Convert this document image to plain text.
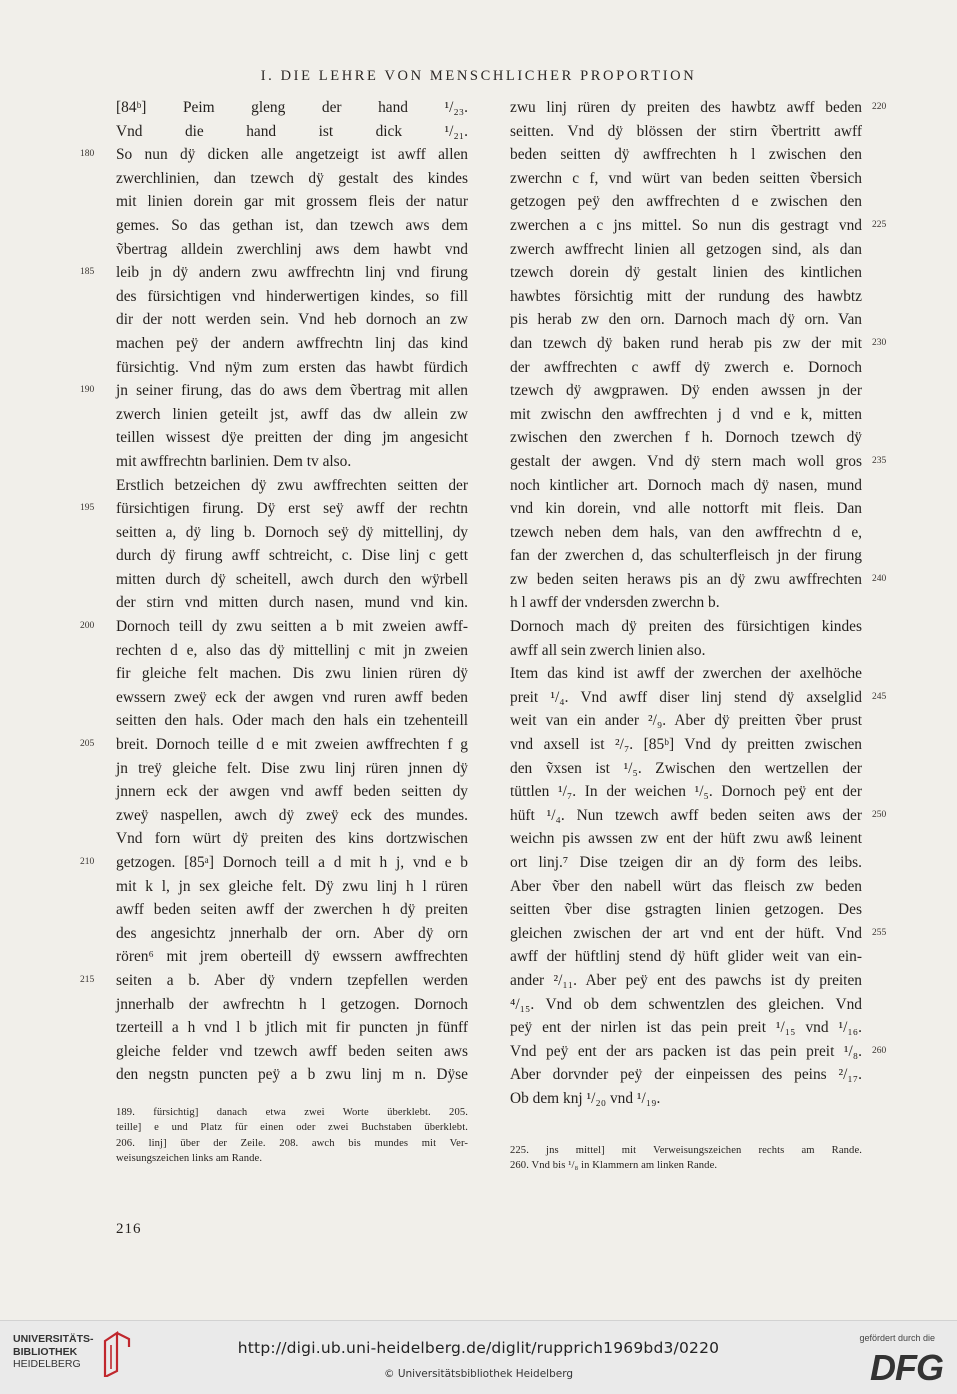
I. DIE LEHRE VON MENSCHLICHER PROPORTION
[84ᵇ] Peim gleng der hand ¹/₂₃.
Vnd die hand ist dick ¹/₂₁.
So nun dÿ dicken alle angetzeigt ist awff allen
180
zwerchlinien, dan tzewch dÿ gestalt des kindes
mit linien dorein gar mit grossem fleis der natur
gemes. So das gethan ist, dan tzewch aws dem
ṽbertrag alldein zwerchlinj aws dem hawbt vnd
leib jn dÿ andern zwu awffrechtn linj vnd firung
185
des fürsichtigen vnd hinderwertigen kindes, so fill
dir der nott werden sein. Vnd heb dornoch an zw
machen peÿ der andern awffrechtn linj das kind
fürsichtig. Vnd nÿm zum ersten das hawbt fürdich
jn seiner firung, das do aws dem ṽbertrag mit allen
190
zwerch linien geteilt jst, awff das dw allein zw
teillen wissest dÿe preitten der ding jm angesicht
mit awffrechtn barlinien. Dem tv also.
Erstlich betzeichen dÿ zwu awffrechten seitten der
fürsichtigen firung. Dÿ erst seÿ awff der rechtn
195
seitten a, dÿ ling b. Dornoch seÿ dÿ mittellinj, dy
durch dÿ firung awff schtreicht, c. Dise linj c gett
mitten durch dÿ scheitell, awch durch den wÿrbell
der stirn vnd mitten durch nasen, mund vnd kin.
Dornoch teill dy zwu seitten a b mit zweien awff-
200
rechten d e, also das dÿ mittellinj c mit jn zweien
fir gleiche felt machen. Dis zwu linien rüren dÿ
ewssern zweÿ eck der awgen vnd ruren awff beden
seitten den hals. Oder mach den hals ein tzehenteill
breit. Dornoch teille d e mit zweien awffrechten f g
205
jn treÿ gleiche felt. Dise zwu linj rüren jnnen dÿ
jnnern eck der awgen vnd awff beden seitten dy
zweÿ naspellen, awch dÿ zweÿ eck des mundes.
Vnd forn würt dÿ preiten des kins dortzwischen
getzogen. [85ᵃ] Dornoch teill a d mit h j, vnd e b
210
mit k l, jn sex gleiche felt. Dÿ zwu linj h l rüren
awff beden seiten awff der zwerchen h dÿ preiten
des angesichtz jnnerhalb der orn. Aber dÿ orn
rören⁶ mit jrem oberteill dÿ ewssern awffrechten
seiten a b. Aber dÿ vndern tzepfellen werden
215
jnnerhalb der awfrechtn h l getzogen. Dornoch
tzerteill a h vnd l b jtlich mit fir puncten jn fünff
gleiche felder vnd tzewch awff beden seiten aws
den negstn puncten peÿ a b zwu linj m n. Dÿse
zwu linj rüren dy preiten des hawbtz awff beden 220
seitten. Vnd dÿ blössen der stirn ṽbertritt awff
beden seitten dÿ awffrechten h l zwischen den
zwerchn c f, vnd würt van beden seitten ṽbersich
getzogen peÿ den awffrechten d e zwischen den
zwerchen a c jns mittel. So nun dis gestragt vnd 225
zwerch awffrecht linien all getzogen sind, als dan
tzewch dorein dÿ gestalt linien des kintlichen
hawbtes försichtig mitt der rundung des hawbtz
pis herab zw den orn. Darnoch mach dÿ orn. Van
dan tzewch dÿ baken rund herab pis zw der mit 230
der awffrechten c awff dÿ zwerch e. Dornoch
tzewch dÿ awgprawen. Dÿ enden awssen jn der
mit zwischn den awffrechten j d vnd e k, mitten
zwischen den zwerchen f h. Dornoch tzewch dÿ
gestalt der awgen. Vnd dÿ stern mach woll gros 235
noch kintlicher art. Dornoch mach dÿ nasen, mund
vnd kin dorein, vnd alle nottorft mit fleis. Dan
tzewch neben dem hals, van den awffrechtn d e,
fan der zwerchen d, das schulterfleisch jn der firung
zw beden seiten heraws pis an dÿ zwu awffrechten 240
h l awff der vndersden zwerchn b.
Dornoch mach dÿ preiten des fürsichtigen kindes
awff all sein zwerch linien also.
Item das kind ist awff der zwerchen der axelhöche
preit ¹/₄. Vnd awff diser linj stend dÿ axselglid 245
weit van ein ander ²/₉. Aber dÿ preitten ṽber prust
vnd axsell ist ²/₇. [85ᵇ] Vnd dy preitten zwischen
den ṽxsen ist ¹/₅. Zwischen den wertzellen der
tüttlen ¹/₇. In der weichen ¹/₅. Dornoch peÿ ent der
hüft ¹/₄. Nun tzewch awff beden seiten aws der 250
weichn pis awssen zw ent der hüft zwu awß leinent
ort linj.⁷ Dise tzeigen dir an dÿ form des leibs.
Aber ṽber den nabell würt das fleisch zw beden
seitten ṽber dise gstragten linien getzogen. Des
gleichen zwischen der art vnd ent der hüft. Vnd 255
awff der hüftlinj stend dÿ hüft glider weit van ein-
ander ²/₁₁. Aber peÿ ent des pawchs ist dy preiten
⁴/₁₅. Vnd ob dem schwentzlen des gleichen. Vnd
peÿ ent der nirlen ist das pein preit ¹/₁₅ vnd ¹/₁₆.
Vnd peÿ ent der ars packen ist das pein preit ¹/₈. 260
Aber dorvnder peÿ der einpeissen des peins ²/₁₇.
Ob dem knj ¹/₂₀ vnd ¹/₁₉.
189. fürsichtig] danach etwa zwei Worte überklebt. 205.
teille] e und Platz für einen oder zwei Buchstaben überklebt.
206. linj] über der Zeile. 208. awch bis mundes mit Ver-
weisungszeichen links am Rande.
225. jns mittel] mit Verweisungszeichen rechts am Rande.
260. Vnd bis ¹/₈ in Klammern am linken Rande.
216
UNIVERSITÄTS-
BIBLIOTHEK
HEIDELBERG
http://digi.ub.uni-heidelberg.de/diglit/rupprich1969bd3/0220
© Universitätsbibliothek Heidelberg
gefördert durch die
DFG
